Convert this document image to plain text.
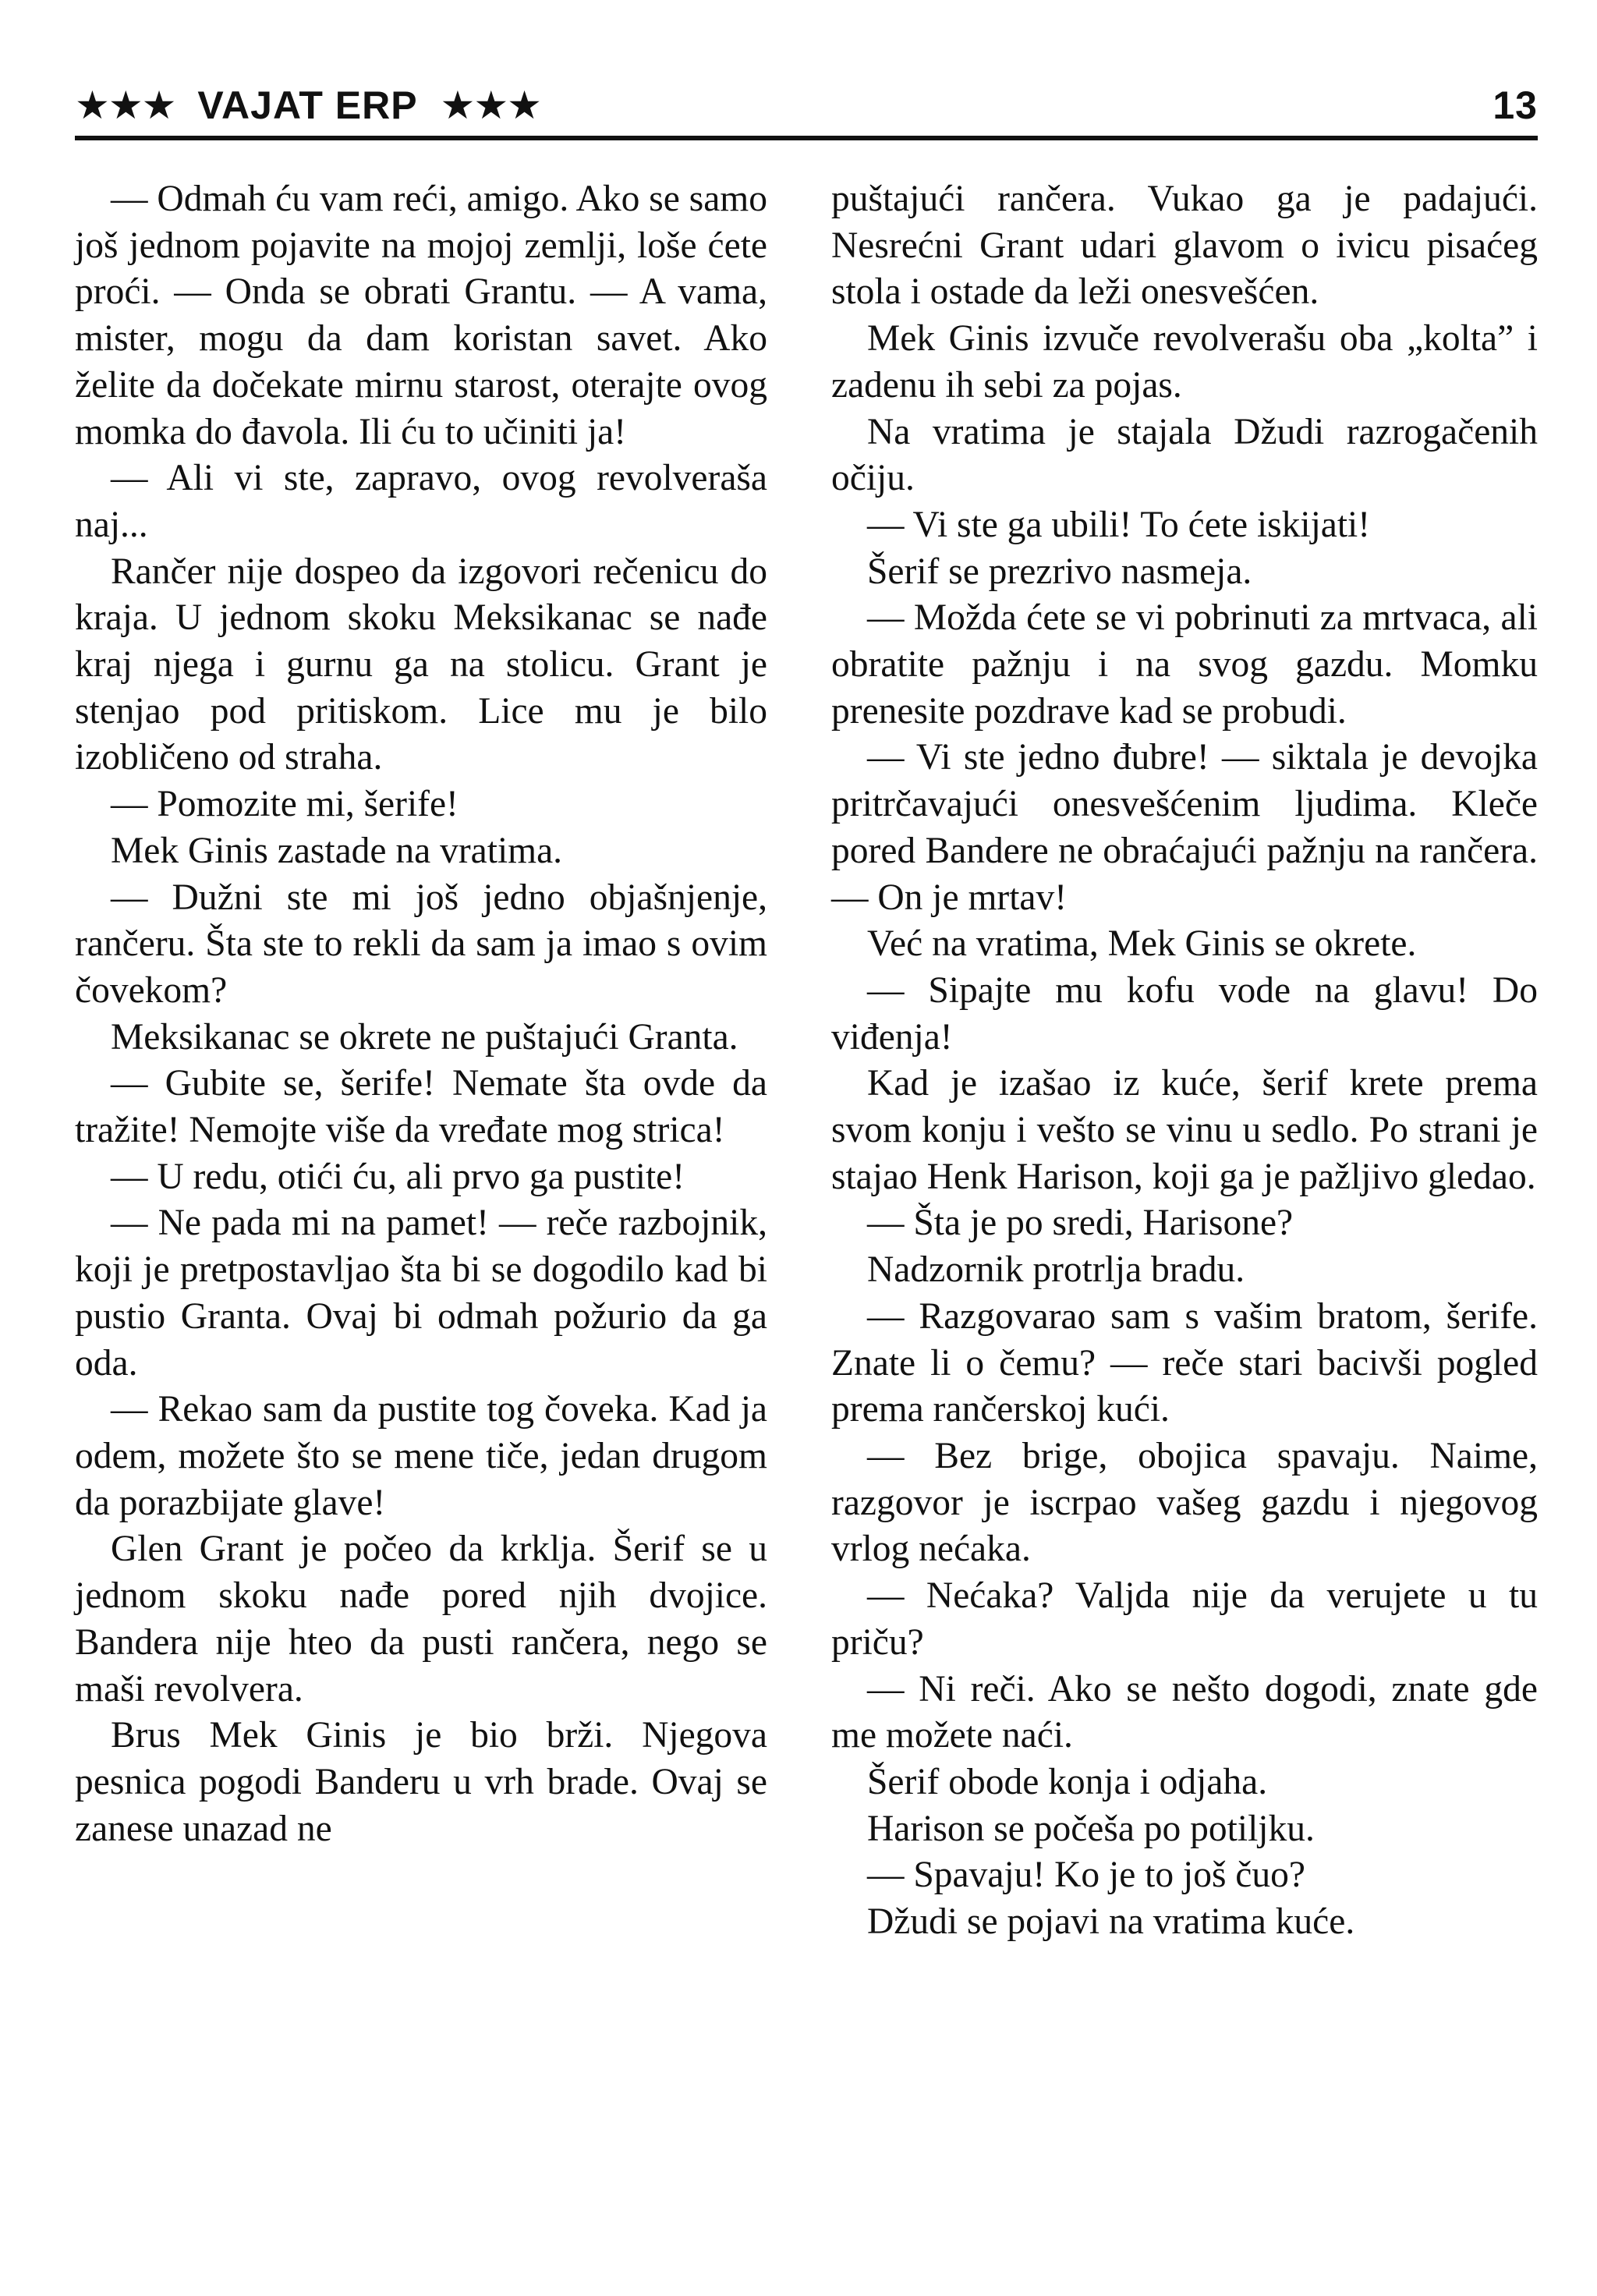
★★★ VAJAT ERP ★★★	13

— Odmah ću vam reći, amigo. Ako se samo još jednom pojavite na mojoj zemlji, loše ćete proći. — Onda se obrati Grantu. — A vama, mister, mogu da dam koristan savet. Ako želite da dočekate mirnu starost, oterajte ovog momka do đavola. Ili ću to učiniti ja!

— Ali vi ste, zapravo, ovog revolveraša naj...

Rančer nije dospeo da izgovori rečenicu do kraja. U jednom skoku Meksikanac se nađe kraj njega i gurnu ga na stolicu. Grant je stenjao pod pritiskom. Lice mu je bilo izobličeno od straha.

— Pomozite mi, šerife!

Mek Ginis zastade na vratima.

— Dužni ste mi još jedno objašnjenje, rančeru. Šta ste to rekli da sam ja imao s ovim čovekom?

Meksikanac se okrete ne puštajući Granta.

— Gubite se, šerife! Nemate šta ovde da tražite! Nemojte više da vređate mog strica!

— U redu, otići ću, ali prvo ga pustite!

— Ne pada mi na pamet! — reče razbojnik, koji je pretpostavljao šta bi se dogodilo kad bi pustio Granta. Ovaj bi odmah požurio da ga oda.

— Rekao sam da pustite tog čoveka. Kad ja odem, možete što se mene tiče, jedan drugom da porazbijate glave!

Glen Grant je počeo da krklja. Šerif se u jednom skoku nađe pored njih dvojice. Bandera nije hteo da pusti rančera, nego se maši revolvera.

Brus Mek Ginis je bio brži. Njegova pesnica pogodi Banderu u vrh brade. Ovaj se zanese unazad ne

puštajući rančera. Vukao ga je padajući. Nesrećni Grant udari glavom o ivicu pisaćeg stola i ostade da leži onesvešćen.

Mek Ginis izvuče revolverašu oba „kolta” i zadenu ih sebi za pojas.

Na vratima je stajala Džudi razrogačenih očiju.

— Vi ste ga ubili! To ćete iskijati!

Šerif se prezrivo nasmeja.

— Možda ćete se vi pobrinuti za mrtvaca, ali obratite pažnju i na svog gazdu. Momku prenesite pozdrave kad se probudi.

— Vi ste jedno đubre! — siktala je devojka pritrčavajući onesvešćenim ljudima. Kleče pored Bandere ne obraćajući pažnju na rančera. — On je mrtav!

Već na vratima, Mek Ginis se okrete.

— Sipajte mu kofu vode na glavu! Do viđenja!

Kad je izašao iz kuće, šerif krete prema svom konju i vešto se vinu u sedlo. Po strani je stajao Henk Harison, koji ga je pažljivo gledao.

— Šta je po sredi, Harisone?

Nadzornik protrlja bradu.

— Razgovarao sam s vašim bratom, šerife. Znate li o čemu? — reče stari bacivši pogled prema rančerskoj kući.

— Bez brige, obojica spavaju. Naime, razgovor je iscrpao vašeg gazdu i njegovog vrlog nećaka.

— Nećaka? Valjda nije da verujete u tu priču?

— Ni reči. Ako se nešto dogodi, znate gde me možete naći.

Šerif obode konja i odjaha.

Harison se počeša po potiljku.

— Spavaju! Ko je to još čuo?

Džudi se pojavi na vratima kuće.
